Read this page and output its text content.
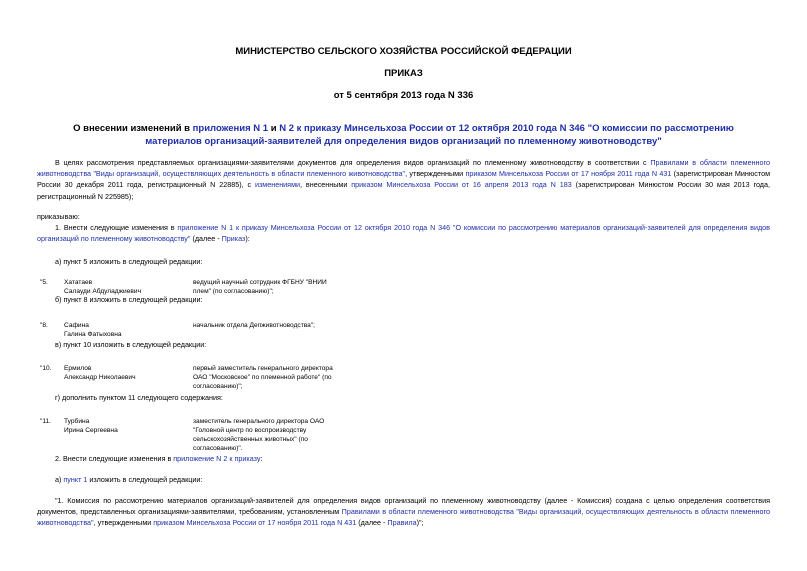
МИНИСТЕРСТВО СЕЛЬСКОГО ХОЗЯЙСТВА РОССИЙСКОЙ ФЕДЕРАЦИИ
ПРИКАЗ
от 5 сентября 2013 года N 336
О внесении изменений в приложения N 1 и N 2 к приказу Минсельхоза России от 12 октября 2010 года N 346 "О комиссии по рассмотрению материалов организаций-заявителей для определения видов организаций по племенному животноводству"
В целях рассмотрения представляемых организациями-заявителями документов для определения видов организаций по племенному животноводству в соответствии с Правилами в области племенного животноводства "Виды организаций, осуществляющих деятельность в области племенного животноводства", утвержденными приказом Минсельхоза России от 17 ноября 2011 года N 431 (зарегистрирован Минюстом России 30 декабря 2011 года, регистрационный N 22885), с изменениями, внесенными приказом Минсельхоза России от 16 апреля 2013 года N 183 (зарегистрирован Минюстом России 30 мая 2013 года, регистрационный N 225985);
приказываю:
1. Внести следующие изменения в приложение N 1 к приказу Минсельхоза России от 12 октября 2010 года N 346 "О комиссии по рассмотрению материалов организаций-заявителей для определения видов организаций по племенному животноводству" (далее - Приказ):
а) пункт 5 изложить в следующей редакции:
"5. Хататаев
Салауди Абдуладжиевич
ведущий научный сотрудник ФГБНУ "ВНИИ
плем" (по согласованию)";
б) пункт 8 изложить в следующей редакции:
"8. Сафина
Галина Фатыховна
начальник отдела Депживотноводства";
в) пункт 10 изложить в следующей редакции:
"10. Ермилов
Александр Николаевич
первый заместитель генерального директора
ОАО "Московское" по племенной работе" (по
согласованию)";
г) дополнить пунктом 11 следующего содержания:
"11. Турбина
Ирина Сергеевна
заместитель генерального директора ОАО
"Головной центр по воспроизводству
сельскохозяйственных животных" (по
согласованию)".
2. Внести следующие изменения в приложение N 2 к приказу:
а) пункт 1 изложить в следующей редакции:
"1. Комиссия по рассмотрению материалов организаций-заявителей для определения видов организаций по племенному животноводству (далее - Комиссия) создана с целью определения соответствия документов, представленных организациями-заявителями, требованиям, установленным Правилами в области племенного животноводства "Виды организаций, осуществляющих деятельность в области племенного животноводства", утвержденными приказом Минсельхоза России от 17 ноября 2011 года N 431 (далее - Правила)";
